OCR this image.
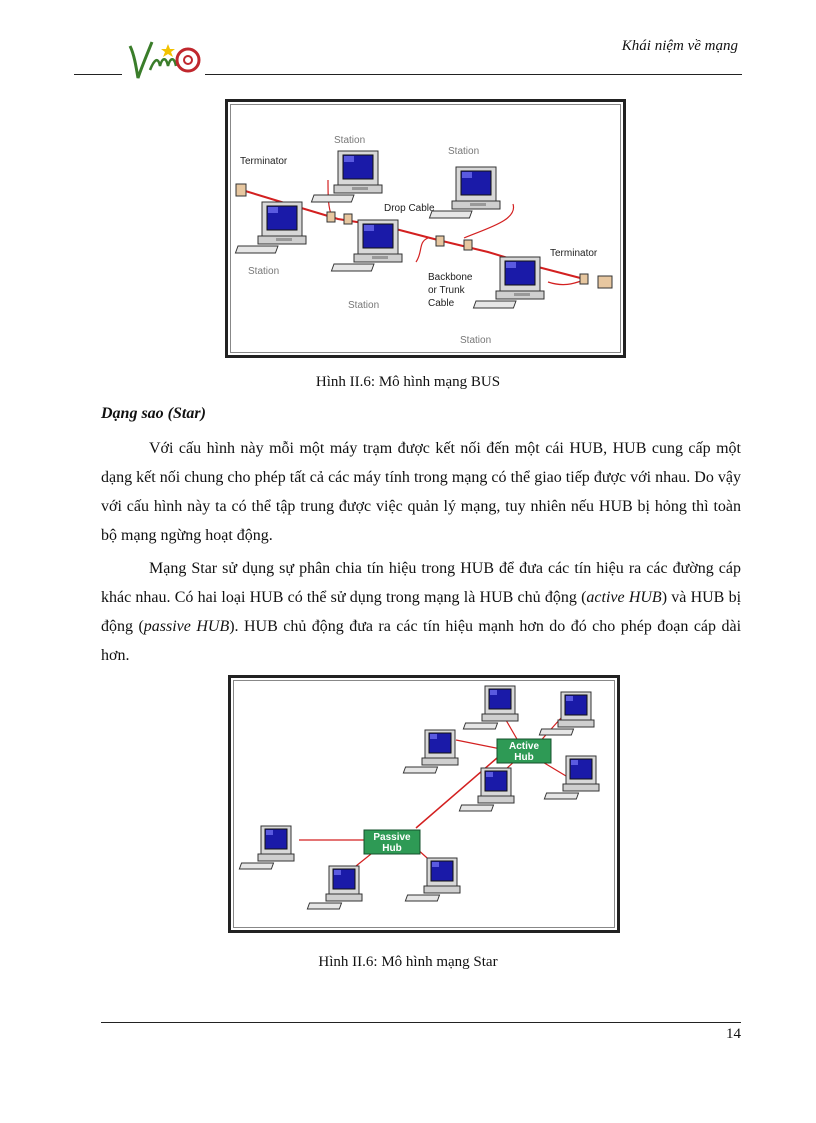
Khái niệm về mạng
Terminator
Terminator
Station
Station
Station
Station
Station
Drop Cable
Backbone
or Trunk
Cable
Hình II.6: Mô hình mạng BUS
Dạng sao (Star)

Với cấu hình này mỗi một máy trạm được kết nối đến một cái HUB, HUB cung cấp một dạng kết nối chung cho phép tất cả các máy tính trong mạng có thể giao tiếp được với nhau. Do vậy với cấu hình này ta có thể tập trung được việc quản lý mạng, tuy nhiên nếu HUB bị hỏng thì toàn bộ mạng ngừng hoạt động.

Mạng Star sử dụng sự phân chia tín hiệu trong HUB để đưa các tín hiệu ra các đường cáp khác nhau. Có hai loại HUB có thể sử dụng trong mạng là HUB chủ động (active HUB) và HUB bị động (passive HUB). HUB chủ động đưa ra các tín hiệu mạnh hơn do đó cho phép đoạn cáp dài hơn.

Active
Hub
Passive
Hub
Hình II.6: Mô hình mạng Star
14
